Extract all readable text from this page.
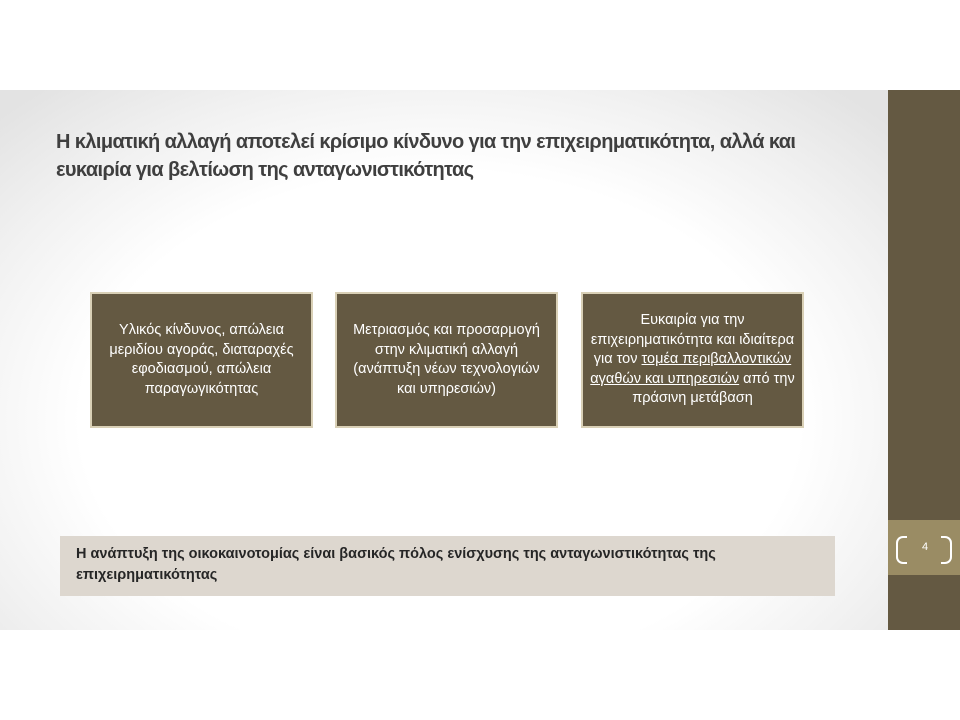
4
Η κλιματική αλλαγή αποτελεί κρίσιμο κίνδυνο για την επιχειρηματικότητα, αλλά και ευκαιρία για βελτίωση της ανταγωνιστικότητας
Υλικός κίνδυνος, απώλεια μεριδίου αγοράς, διαταραχές εφοδιασμού, απώλεια παραγωγικότητας
Μετριασμός και προσαρμογή στην κλιματική αλλαγή (ανάπτυξη νέων τεχνολογιών και υπηρεσιών)
Ευκαιρία για την επιχειρηματικότητα και ιδιαίτερα για τον τομέα περιβαλλοντικών αγαθών και υπηρεσιών από την πράσινη μετάβαση

Η ανάπτυξη της οικοκαινοτομίας είναι βασικός πόλος ενίσχυσης της ανταγωνιστικότητας της επιχειρηματικότητας
